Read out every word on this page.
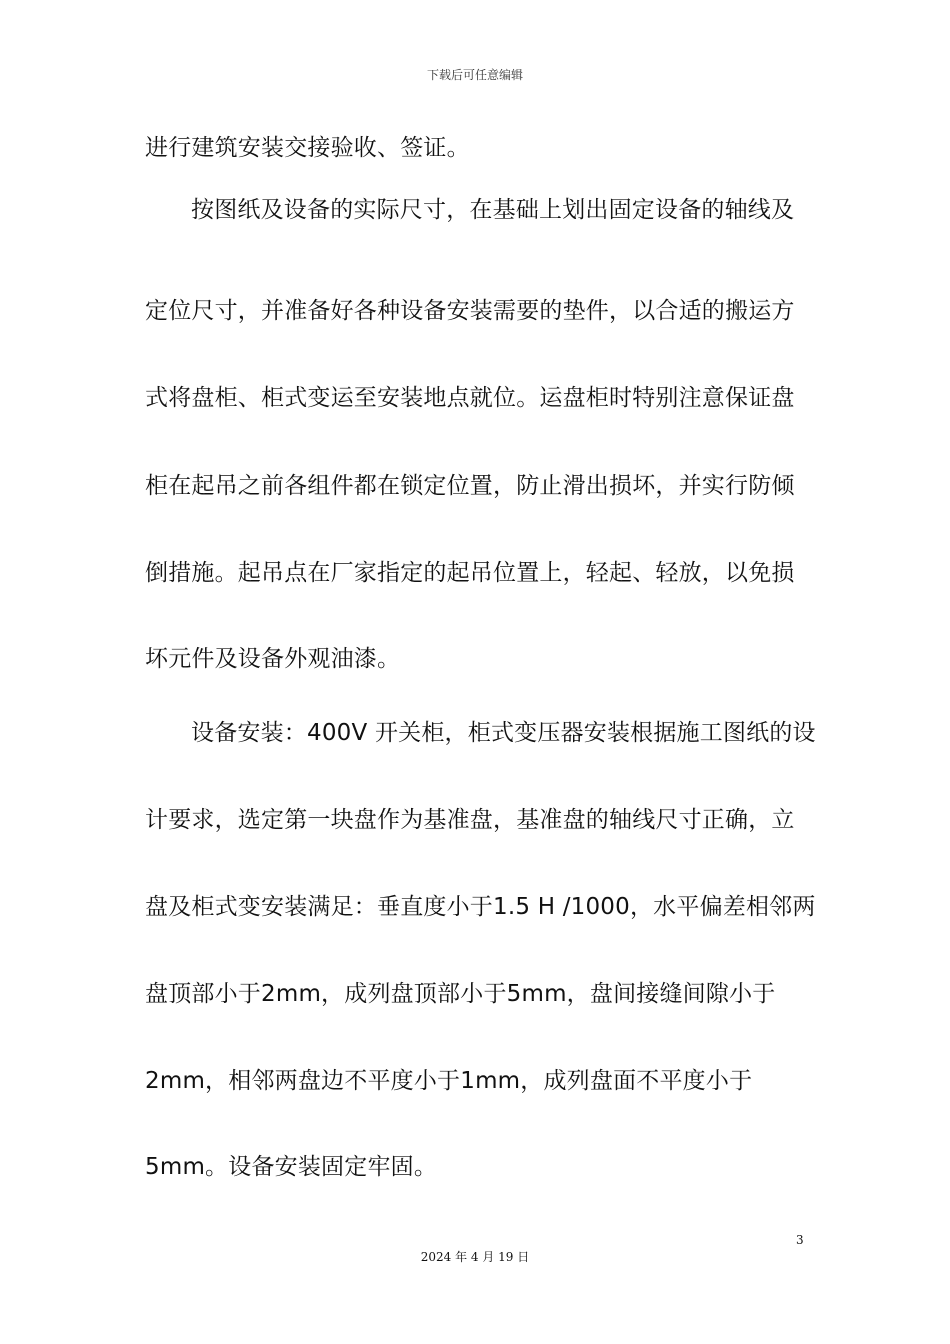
下载后可任意编辑
进行建筑安装交接验收、签证。
按图纸及设备的实际尺寸，在基础上划出固定设备的轴线及
定位尺寸，并准备好各种设备安装需要的垫件，以合适的搬运方
式将盘柜、柜式变运至安装地点就位。运盘柜时特别注意保证盘
柜在起吊之前各组件都在锁定位置，防止滑出损坏，并实行防倾
倒措施。起吊点在厂家指定的起吊位置上，轻起、轻放，以免损
坏元件及设备外观油漆。
设备安装：400V 开关柜，柜式变压器安装根据施工图纸的设
计要求，选定第一块盘作为基准盘，基准盘的轴线尺寸正确，立
盘及柜式变安装满足：垂直度小于1.5 H /1000，水平偏差相邻两
盘顶部小于2mm，成列盘顶部小于5mm，盘间接缝间隙小于
2mm，相邻两盘边不平度小于1mm，成列盘面不平度小于
5mm。设备安装固定牢固。
3
2024 年 4 月 19 日
